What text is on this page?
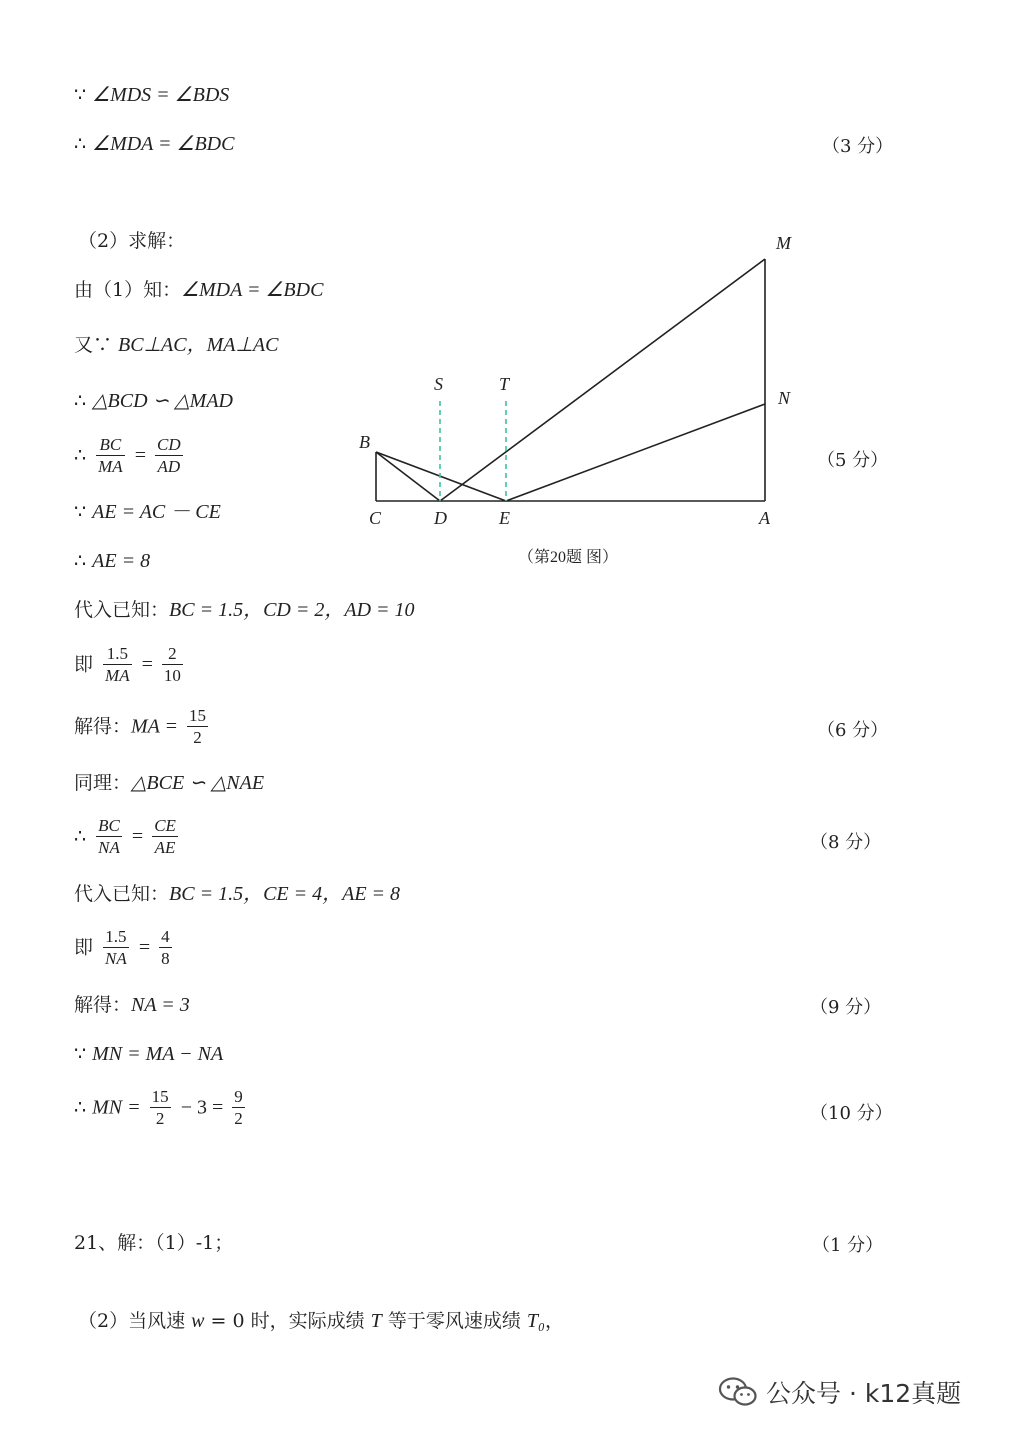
∵ ∠MDS = ∠BDS
∴ ∠MDA = ∠BDC	（3 分）
（2）求解：
由（1）知：∠MDA = ∠BDC
又∵ BC⊥AC，MA⊥AC
∴ △BCD ∽ △MAD
∴ $\frac{BC}{MA} = \frac{CD}{AD}$	（5 分）
∵ AE = AC － CE
∴ AE = 8
代入已知：BC = 1.5，CD = 2，AD = 10
即 $\frac{1.5}{MA} = \frac{2}{10}$
解得：MA = $\frac{15}{2}$	（6 分）
同理：△BCE ∽ △NAE
∴ $\frac{BC}{NA} = \frac{CE}{AE}$	（8 分）
代入已知：BC = 1.5，CE = 4，AE = 8
即 $\frac{1.5}{NA} = \frac{4}{8}$
解得：NA = 3	（9 分）
∵ MN = MA − NA
∴ MN = $\frac{15}{2} - 3 = \frac{9}{2}$	（10 分）
21、解：（1）-1；	（1 分）
（2）当风速 w = 0 时，实际成绩 T 等于零风速成绩 T₀，
M
N
S	T
B
C	D	E	A
（第20题 图）
公众号 · k12真题
